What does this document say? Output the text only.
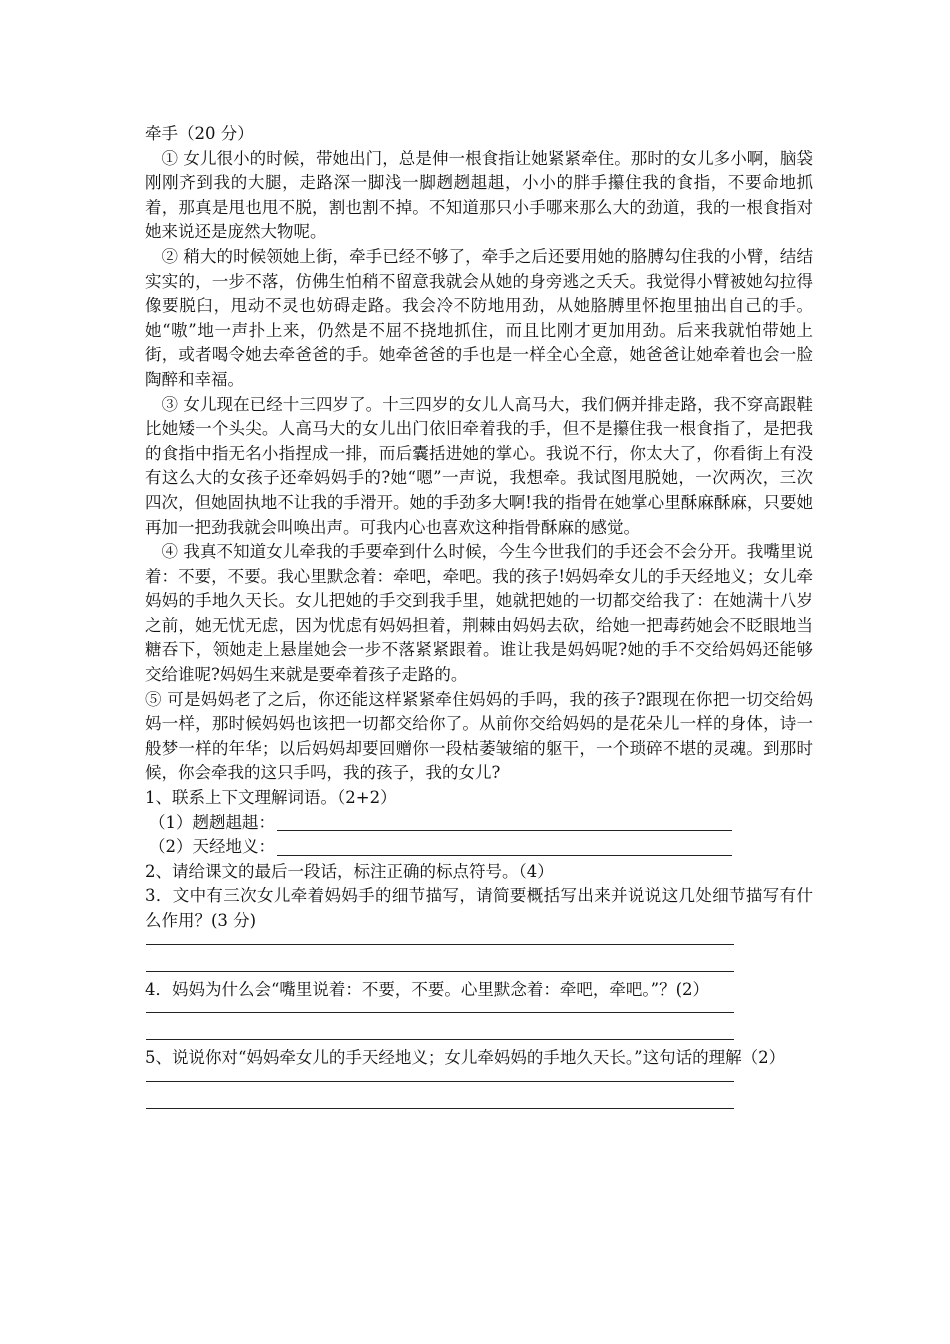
牵手（20 分）

① 女儿很小的时候，带她出门，总是伸一根食指让她紧紧牵住。那时的女儿多小啊，脑袋刚刚齐到我的大腿，走路深一脚浅一脚趔趔趄趄，小小的胖手攥住我的食指，不要命地抓着，那真是甩也甩不脱，割也割不掉。不知道那只小手哪来那么大的劲道，我的一根食指对她来说还是庞然大物呢。

② 稍大的时候领她上街，牵手已经不够了，牵手之后还要用她的胳膊勾住我的小臂，结结实实的，一步不落，仿佛生怕稍不留意我就会从她的身旁逃之夭夭。我觉得小臂被她勾拉得像要脱臼，甩动不灵也妨碍走路。我会冷不防地用劲，从她胳膊里怀抱里抽出自己的手。她“嗷”地一声扑上来，仍然是不屈不挠地抓住，而且比刚才更加用劲。后来我就怕带她上街，或者喝令她去牵爸爸的手。她牵爸爸的手也是一样全心全意，她爸爸让她牵着也会一脸陶醉和幸福。

③ 女儿现在已经十三四岁了。十三四岁的女儿人高马大，我们俩并排走路，我不穿高跟鞋比她矮一个头尖。人高马大的女儿出门依旧牵着我的手，但不是攥住我一根食指了，是把我的食指中指无名小指捏成一排，而后囊括进她的掌心。我说不行，你太大了，你看街上有没有这么大的女孩子还牵妈妈手的?她“嗯”一声说，我想牵。我试图甩脱她，一次两次，三次四次，但她固执地不让我的手滑开。她的手劲多大啊!我的指骨在她掌心里酥麻酥麻，只要她再加一把劲我就会叫唤出声。可我内心也喜欢这种指骨酥麻的感觉。

④ 我真不知道女儿牵我的手要牵到什么时候，今生今世我们的手还会不会分开。我嘴里说着：不要，不要。我心里默念着：牵吧，牵吧。我的孩子!妈妈牵女儿的手天经地义；女儿牵妈妈的手地久天长。女儿把她的手交到我手里，她就把她的一切都交给我了：在她满十八岁之前，她无忧无虑，因为忧虑有妈妈担着，荆棘由妈妈去砍，给她一把毒药她会不眨眼地当糖吞下，领她走上悬崖她会一步不落紧紧跟着。谁让我是妈妈呢?她的手不交给妈妈还能够交给谁呢?妈妈生来就是要牵着孩子走路的。

⑤ 可是妈妈老了之后，你还能这样紧紧牵住妈妈的手吗，我的孩子?跟现在你把一切交给妈妈一样，那时候妈妈也该把一切都交给你了。从前你交给妈妈的是花朵儿一样的身体，诗一般梦一样的年华；以后妈妈却要回赠你一段枯萎皱缩的躯干，一个琐碎不堪的灵魂。到那时候，你会牵我的这只手吗，我的孩子，我的女儿?

1、联系上下文理解词语。（2+2）

（1）趔趔趄趄：
（2）天经地义：

2、请给课文的最后一段话，标注正确的标点符号。（4）

3．文中有三次女儿牵着妈妈手的细节描写，请简要概括写出来并说说这几处细节描写有什么作用？(3 分)

4．妈妈为什么会“嘴里说着：不要，不要。心里默念着：牵吧，牵吧。”？(2）

5、说说你对“妈妈牵女儿的手天经地义；女儿牵妈妈的手地久天长。”这句话的理解（2）
